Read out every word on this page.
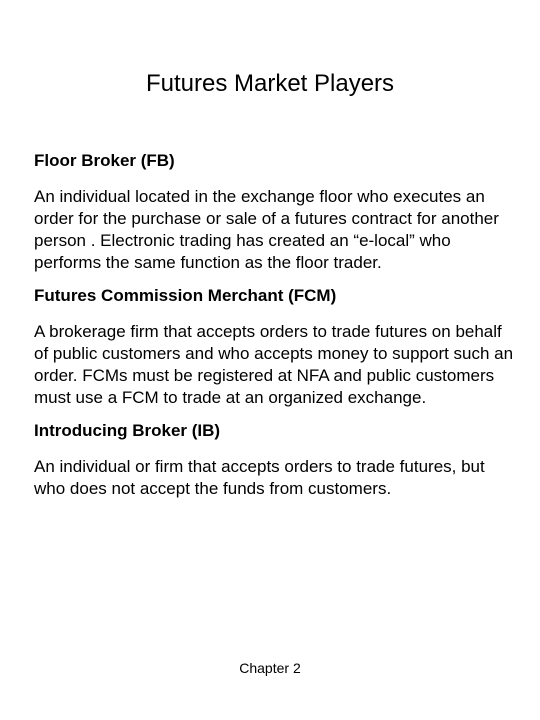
Futures Market Players

Floor Broker (FB)

An individual located in the exchange floor who executes an order for the purchase or sale of a futures contract for another person . Electronic trading has created an “e-local” who performs the same function as the floor trader.

Futures Commission Merchant (FCM)

A brokerage firm that accepts orders to trade futures on behalf of public customers and who accepts money to support such an order. FCMs must be registered at NFA and public customers must use a FCM to trade at an organized exchange.

Introducing Broker (IB)

An individual or firm that accepts orders to trade futures, but who does not accept the funds from customers.

Chapter 2
